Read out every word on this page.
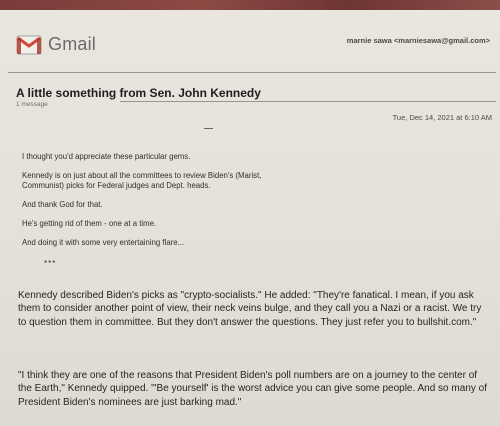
Gmail	marnie sawa <marniesawa@gmail.com>
A little something from Sen. John Kennedy
1 message
Tue, Dec 14, 2021 at 6:10 AM

I thought you'd appreciate these particular gems.

Kennedy is on just about all the committees to review Biden's (Marist, Communist) picks for Federal judges and Dept. heads.

And thank God for that.

He's getting rid of them - one at a time.

And doing it with some very entertaining flare...

***
Kennedy described Biden's picks as "crypto-socialists." He added: "They're fanatical. I mean, if you ask them to consider another point of view, their neck veins bulge, and they call you a Nazi or a racist. We try to question them in committee. But they don't answer the questions. They just refer you to bullshit.com."
"I think they are one of the reasons that President Biden's poll numbers are on a journey to the center of the Earth," Kennedy quipped. "'Be yourself' is the worst advice you can give some people. And so many of President Biden's nominees are just barking mad."
